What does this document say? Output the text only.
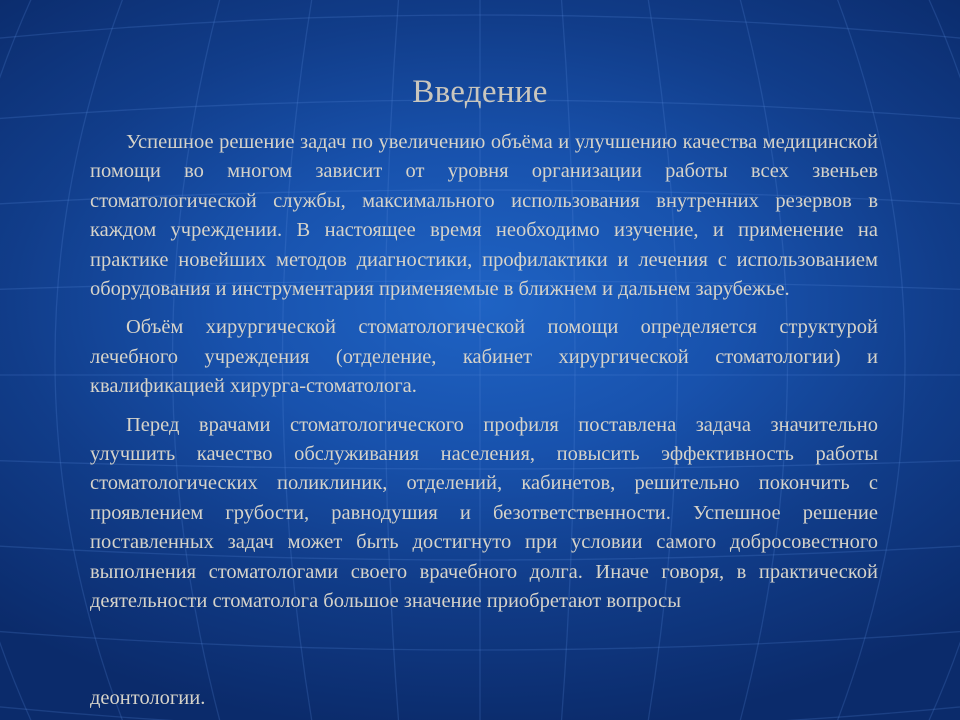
Введение

Успешное решение задач по увеличению объёма и улучшению качества медицинской помощи во многом зависит от уровня организации работы всех звеньев стоматологической службы, максимального использования внутренних резервов в каждом учреждении. В настоящее время необходимо изучение, и применение на практике новейших методов диагностики, профилактики и лечения с использованием оборудования и инструментария применяемые в ближнем и дальнем зарубежье.

Объём хирургической стоматологической помощи определяется структурой лечебного учреждения (отделение, кабинет хирургической стоматологии) и квалификацией хирурга-стоматолога.

Перед врачами стоматологического профиля поставлена задача значительно улучшить качество обслуживания населения, повысить эффективность работы стоматологических поликлиник, отделений, кабинетов, решительно покончить с проявлением грубости, равнодушия и безответственности. Успешное решение поставленных задач может быть достигнуто при условии самого добросовестного выполнения стоматологами своего врачебного долга. Иначе говоря, в практической деятельности стоматолога большое значение приобретают вопросы

деонтологии.
